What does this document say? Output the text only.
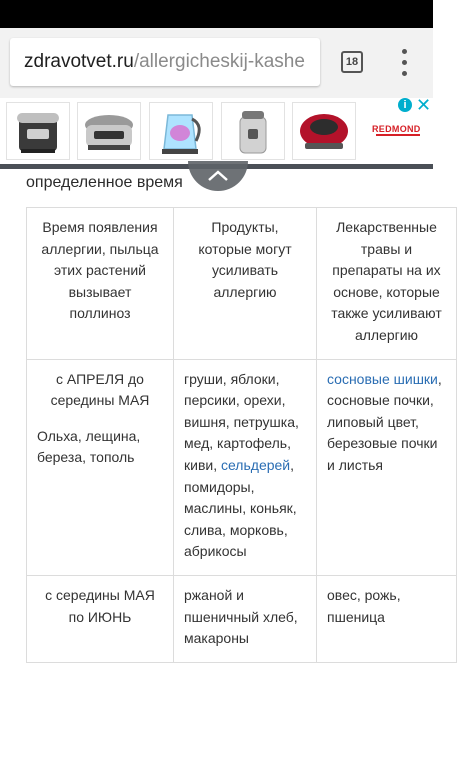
zdravotvet.ru/allergicheskij-kashe	18
REDMOND
i ✕
определенное время
Время появления аллергии, пыльца этих растений вызывает поллиноз	Продукты, которые могут усиливать аллергию	Лекарственные травы и препараты на их основе, которые также усиливают аллергию

с АПРЕЛЯ до середины МАЯ
Ольха, лещина, береза, тополь	груши, яблоки, персики, орехи, вишня, петрушка, мед, картофель, киви, сельдерей, помидоры, маслины, коньяк, слива, морковь, абрикосы	сосновые шишки, сосновые почки, липовый цвет, березовые почки и листья
с середины МАЯ по ИЮНЬ	ржаной и пшеничный хлеб, макароны	овес, рожь, пшеница
